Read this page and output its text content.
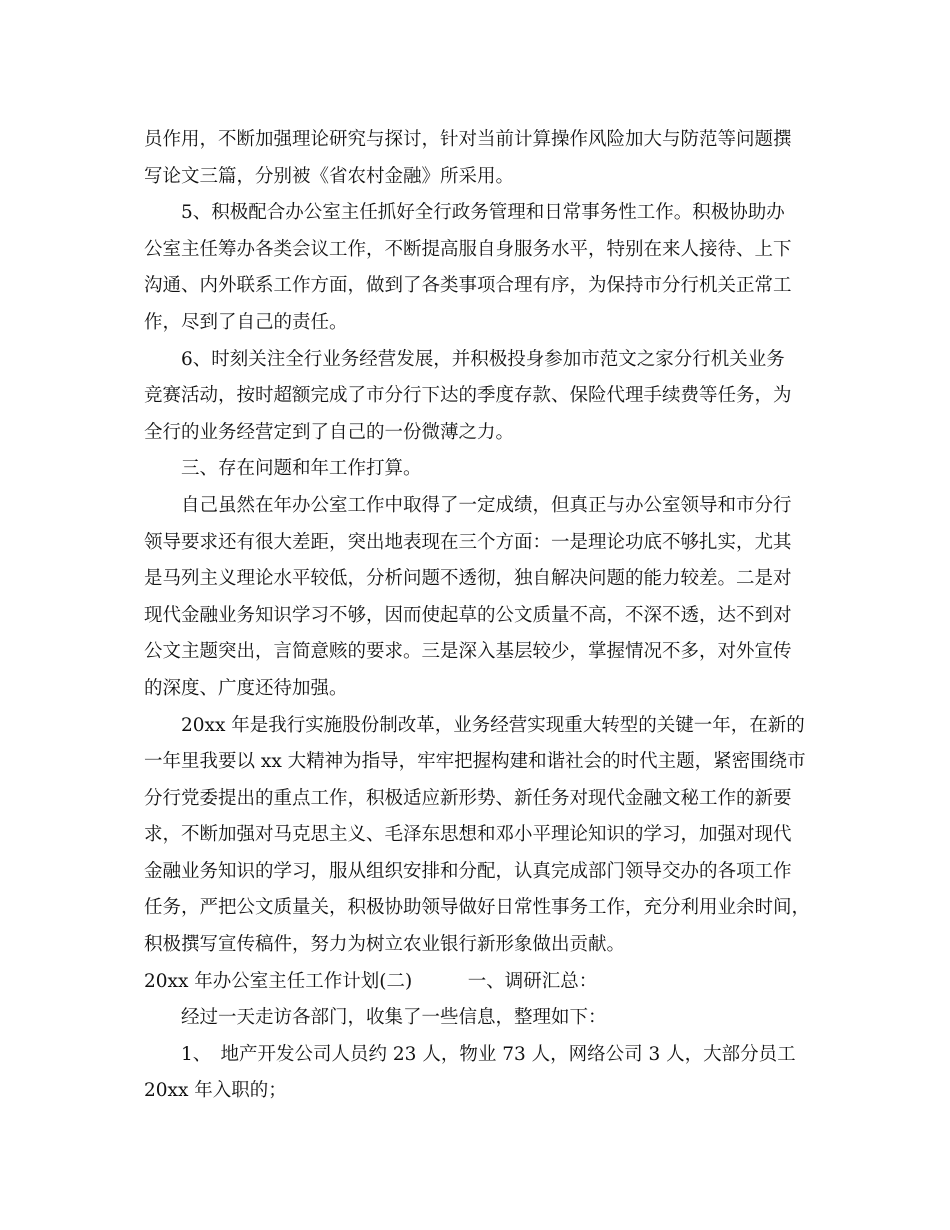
员作用，不断加强理论研究与探讨，针对当前计算操作风险加大与防范等问题撰
写论文三篇，分别被《省农村金融》所采用。

5、积极配合办公室主任抓好全行政务管理和日常事务性工作。积极协助办
公室主任筹办各类会议工作，不断提高服自身服务水平，特别在来人接待、上下
沟通、内外联系工作方面，做到了各类事项合理有序，为保持市分行机关正常工
作，尽到了自己的责任。

6、时刻关注全行业务经营发展，并积极投身参加市范文之家分行机关业务
竞赛活动，按时超额完成了市分行下达的季度存款、保险代理手续费等任务，为
全行的业务经营定到了自己的一份微薄之力。

三、存在问题和年工作打算。

自己虽然在年办公室工作中取得了一定成绩，但真正与办公室领导和市分行
领导要求还有很大差距，突出地表现在三个方面：一是理论功底不够扎实，尤其
是马列主义理论水平较低，分析问题不透彻，独自解决问题的能力较差。二是对
现代金融业务知识学习不够，因而使起草的公文质量不高，不深不透，达不到对
公文主题突出，言简意赅的要求。三是深入基层较少，掌握情况不多，对外宣传
的深度、广度还待加强。

20xx 年是我行实施股份制改革，业务经营实现重大转型的关键一年，在新的
一年里我要以 xx 大精神为指导，牢牢把握构建和谐社会的时代主题，紧密围绕市
分行党委提出的重点工作，积极适应新形势、新任务对现代金融文秘工作的新要
求，不断加强对马克思主义、毛泽东思想和邓小平理论知识的学习，加强对现代
金融业务知识的学习，服从组织安排和分配，认真完成部门领导交办的各项工作
任务，严把公文质量关，积极协助领导做好日常性事务工作，充分利用业余时间，
积极撰写宣传稿件，努力为树立农业银行新形象做出贡献。

20xx 年办公室主任工作计划(二)　　　一、调研汇总：

经过一天走访各部门，收集了一些信息，整理如下：

1、　地产开发公司人员约 23 人，物业 73 人，网络公司 3 人，大部分员工

20xx 年入职的；
